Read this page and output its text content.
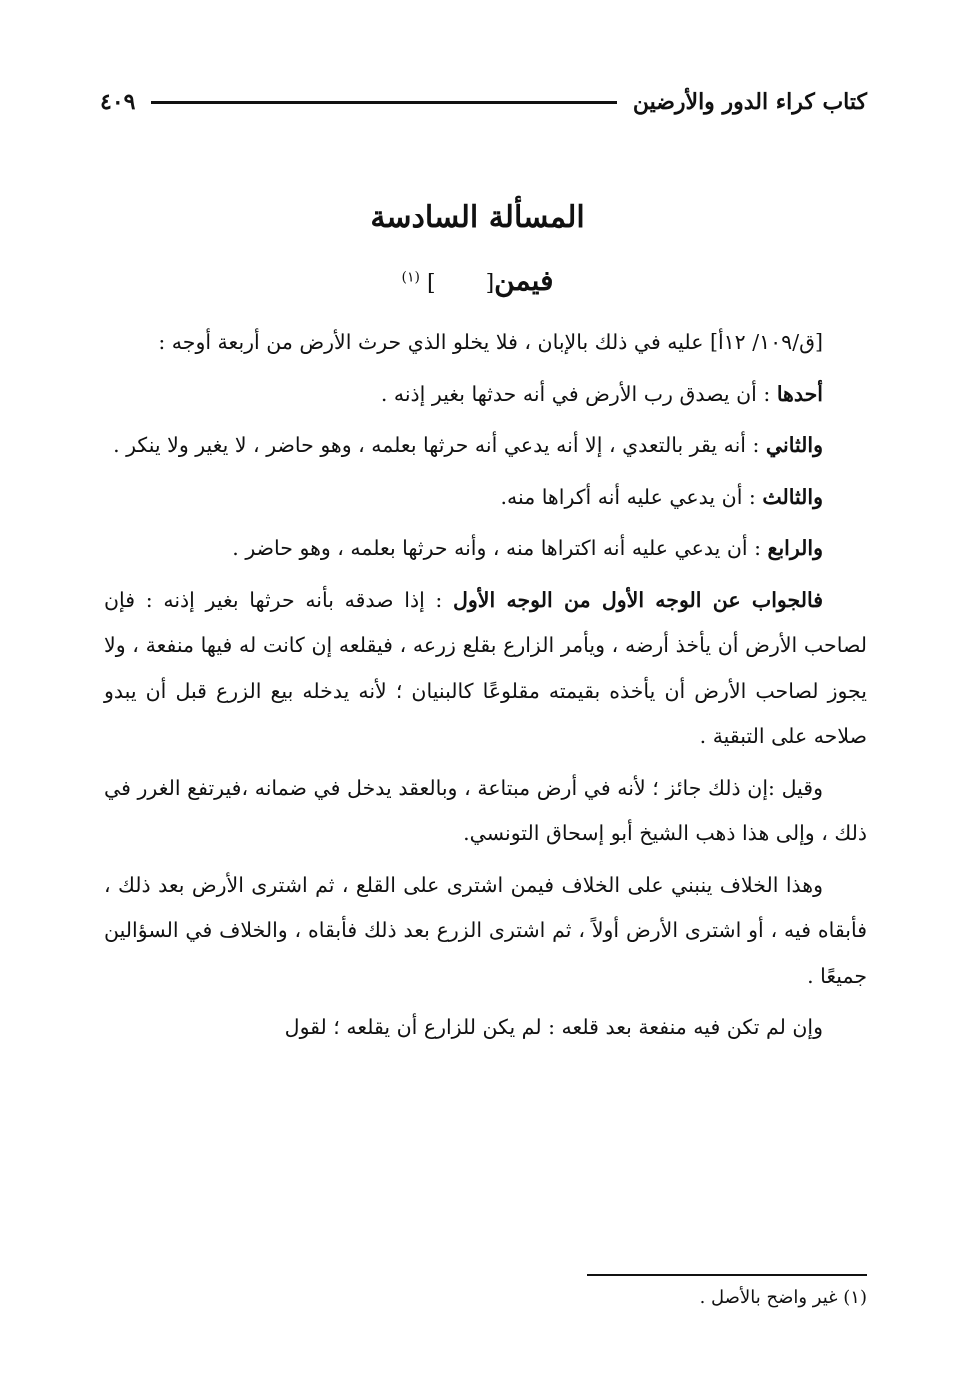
كتاب كراء الدور والأرضين
٤٠٩
المسألة السادسة
فيمن[] $^{(١)}$

[ق/١٠٩/ ١٢أ] عليه في ذلك بالإبان ، فلا يخلو الذي حرث الأرض من أربعة أوجه :

أحدها : أن يصدق رب الأرض في أنه حدثها بغير إذنه .

والثاني : أنه يقر بالتعدي ، إلا أنه يدعي أنه حرثها بعلمه ، وهو حاضر ، لا يغير ولا ينكر .

والثالث : أن يدعي عليه أنه أكراها منه.

والرابع : أن يدعي عليه أنه اكتراها منه ، وأنه حرثها بعلمه ، وهو حاضر .

فالجواب عن الوجه الأول من الوجه الأول : إذا صدقه بأنه حرثها بغير إذنه : فإن لصاحب الأرض أن يأخذ أرضه ، ويأمر الزارع بقلع زرعه ، فيقلعه إن كانت له فيها منفعة ، ولا يجوز لصاحب الأرض أن يأخذه بقيمته مقلوعًا كالبنيان ؛ لأنه يدخله بيع الزرع قبل أن يبدو صلاحه على التبقية .

وقيل :إن ذلك جائز ؛ لأنه في أرض مبتاعة ، وبالعقد يدخل في ضمانه ،فيرتفع الغرر في ذلك ، وإلى هذا ذهب الشيخ أبو إسحاق التونسي.

وهذا الخلاف ينبني على الخلاف فيمن اشترى على القلع ، ثم اشترى الأرض بعد ذلك ، فأبقاه فيه ، أو اشترى الأرض أولاً ، ثم اشترى الزرع بعد ذلك فأبقاه ، والخلاف في السؤالين جميعًا .

وإن لم تكن فيه منفعة بعد قلعه : لم يكن للزارع أن يقلعه ؛ لقول

(١) غير واضح بالأصل .
